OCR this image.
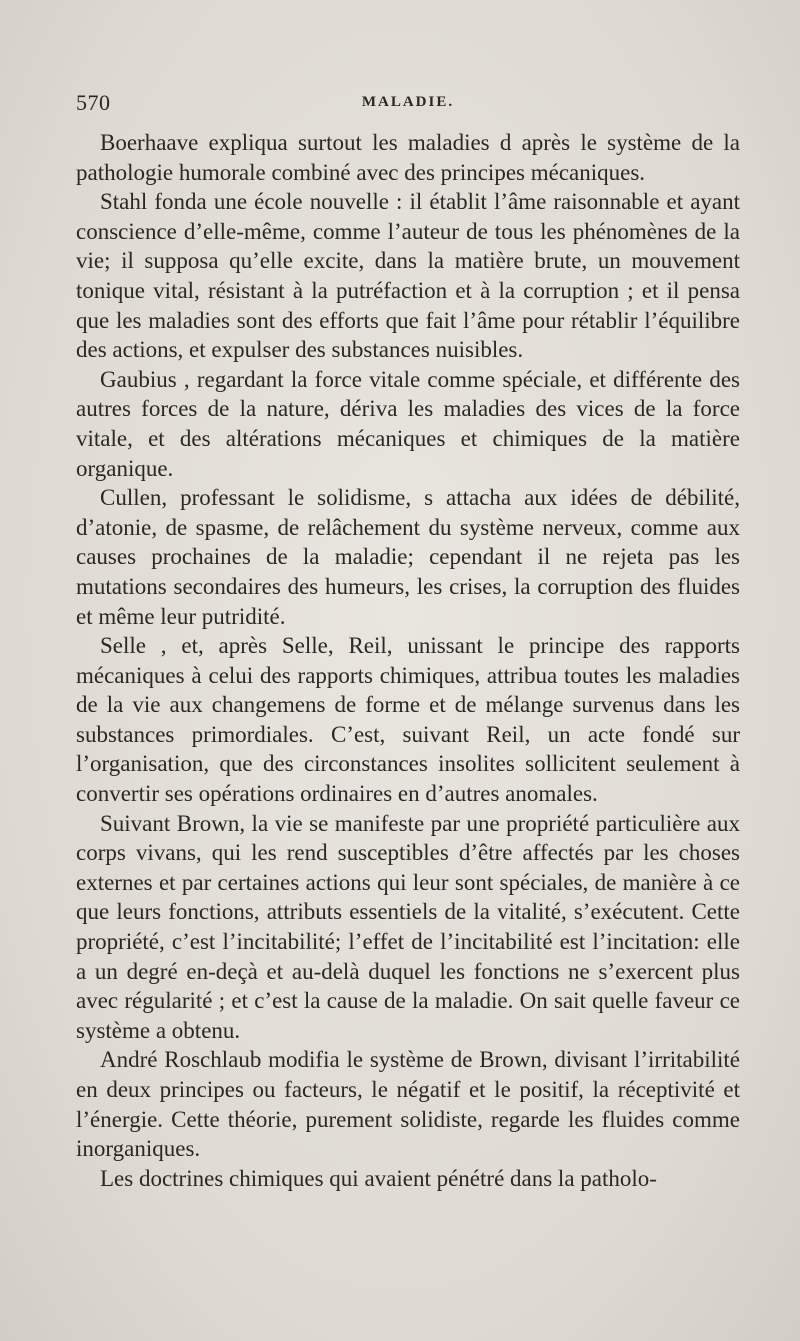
570	MALADIE.

Boerhaave expliqua surtout les maladies d après le système de la pathologie humorale combiné avec des principes mécaniques.

Stahl fonda une école nouvelle : il établit l’âme raisonnable et ayant conscience d’elle-même, comme l’auteur de tous les phénomènes de la vie; il supposa qu’elle excite, dans la matière brute, un mouvement tonique vital, résistant à la putréfaction et à la corruption ; et il pensa que les maladies sont des efforts que fait l’âme pour rétablir l’équilibre des actions, et expulser des substances nuisibles.

Gaubius , regardant la force vitale comme spéciale, et différente des autres forces de la nature, dériva les maladies des vices de la force vitale, et des altérations mécaniques et chimiques de la matière organique.

Cullen, professant le solidisme, s attacha aux idées de débilité, d’atonie, de spasme, de relâchement du système nerveux, comme aux causes prochaines de la maladie; cependant il ne rejeta pas les mutations secondaires des humeurs, les crises, la corruption des fluides et même leur putridité.

Selle , et, après Selle, Reil, unissant le principe des rapports mécaniques à celui des rapports chimiques, attribua toutes les maladies de la vie aux changemens de forme et de mélange survenus dans les substances primordiales. C’est, suivant Reil, un acte fondé sur l’organisation, que des circonstances insolites sollicitent seulement à convertir ses opérations ordinaires en d’autres anomales.

Suivant Brown, la vie se manifeste par une propriété particulière aux corps vivans, qui les rend susceptibles d’être affectés par les choses externes et par certaines actions qui leur sont spéciales, de manière à ce que leurs fonctions, attributs essentiels de la vitalité, s’exécutent. Cette propriété, c’est l’incitabilité; l’effet de l’incitabilité est l’incitation: elle a un degré en-deçà et au-delà duquel les fonctions ne s’exercent plus avec régularité ; et c’est la cause de la maladie. On sait quelle faveur ce système a obtenu.

André Roschlaub modifia le système de Brown, divisant l’irritabilité en deux principes ou facteurs, le négatif et le positif, la réceptivité et l’énergie. Cette théorie, purement solidiste, regarde les fluides comme inorganiques.

Les doctrines chimiques qui avaient pénétré dans la patholo-
